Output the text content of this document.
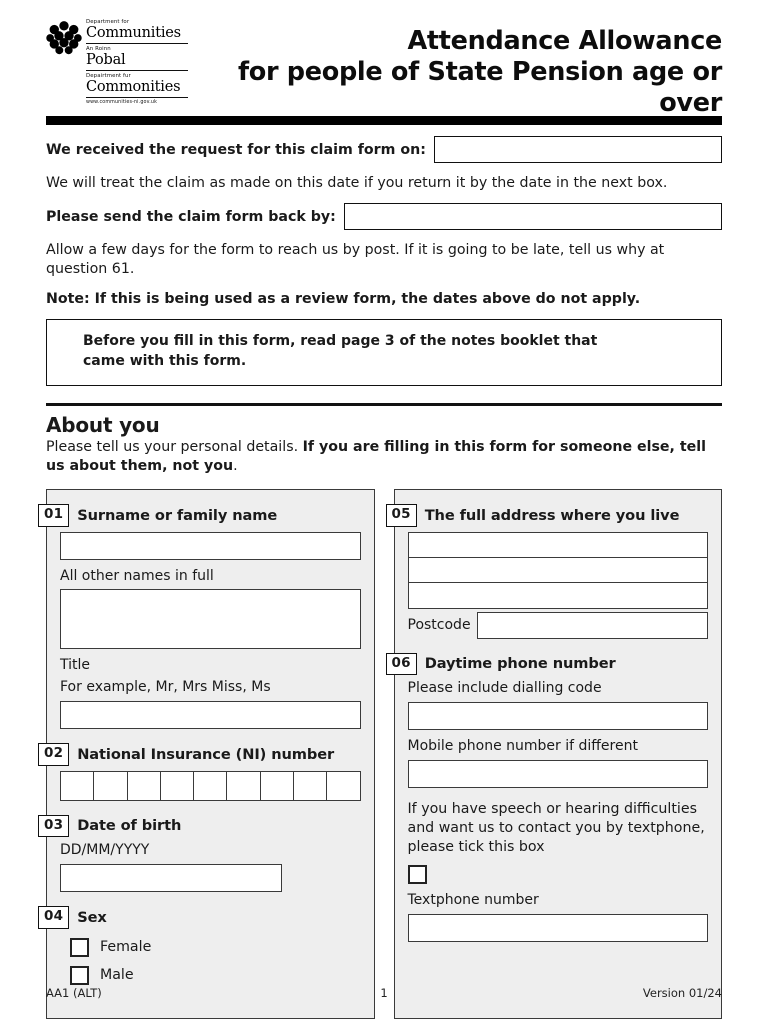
Department for
Communities
An Roinn
Pobal
Depairtment fur
Commonities
www.communities-ni.gov.uk
Attendance Allowance
for people of State Pension age or over
We received the request for this claim form on:
We will treat the claim as made on this date if you return it by the date in the next box.
Please send the claim form back by:
Allow a few days for the form to reach us by post. If it is going to be late, tell us why at question 61.
Note: If this is being used as a review form, the dates above do not apply.
Before you fill in this form, read page 3 of the notes booklet that
came with this form.
About you
Please tell us your personal details. If you are filling in this form for someone else, tell us about them, not you.
01 Surname or family name
All other names in full
Title
For example, Mr, Mrs Miss, Ms
02 National Insurance (NI) number
03 Date of birth
DD/MM/YYYY
04 Sex
Female
Male
05 The full address where you live
Postcode
06 Daytime phone number
Please include dialling code
Mobile phone number if different
If you have speech or hearing difficulties and want us to contact you by textphone, please tick this box
Textphone number
AA1 (ALT)	1	Version 01/24
